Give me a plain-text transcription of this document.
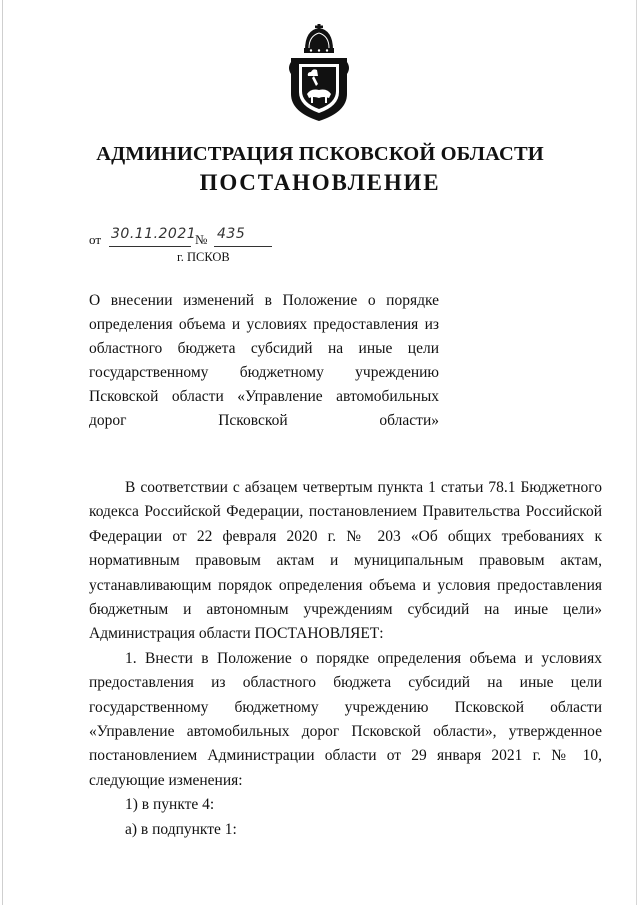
АДМИНИСТРАЦИЯ ПСКОВСКОЙ ОБЛАСТИ
ПОСТАНОВЛЕНИЕ
от 30.11.2021
№ 435
г. ПСКОВ
О внесении изменений в Положение о порядке определения объема и условиях предоставления из областного бюджета субсидий на иные цели государственному бюджетному учреждению Псковской области «Управление автомобильных дорог Псковской области»

В соответствии с абзацем четвертым пункта 1 статьи 78.1 Бюджетного кодекса Российской Федерации, постановлением Правительства Российской Федерации от 22 февраля 2020 г. № 203 «Об общих требованиях к нормативным правовым актам и муниципальным правовым актам, устанавливающим порядок определения объема и условия предоставления бюджетным и автономным учреждениям субсидий на иные цели» Администрация области ПОСТАНОВЛЯЕТ:

1. Внести в Положение о порядке определения объема и условиях предоставления из областного бюджета субсидий на иные цели государственному бюджетному учреждению Псковской области «Управление автомобильных дорог Псковской области», утвержденное постановлением Администрации области от 29 января 2021 г. № 10, следующие изменения:

1) в пункте 4:

а) в подпункте 1:
